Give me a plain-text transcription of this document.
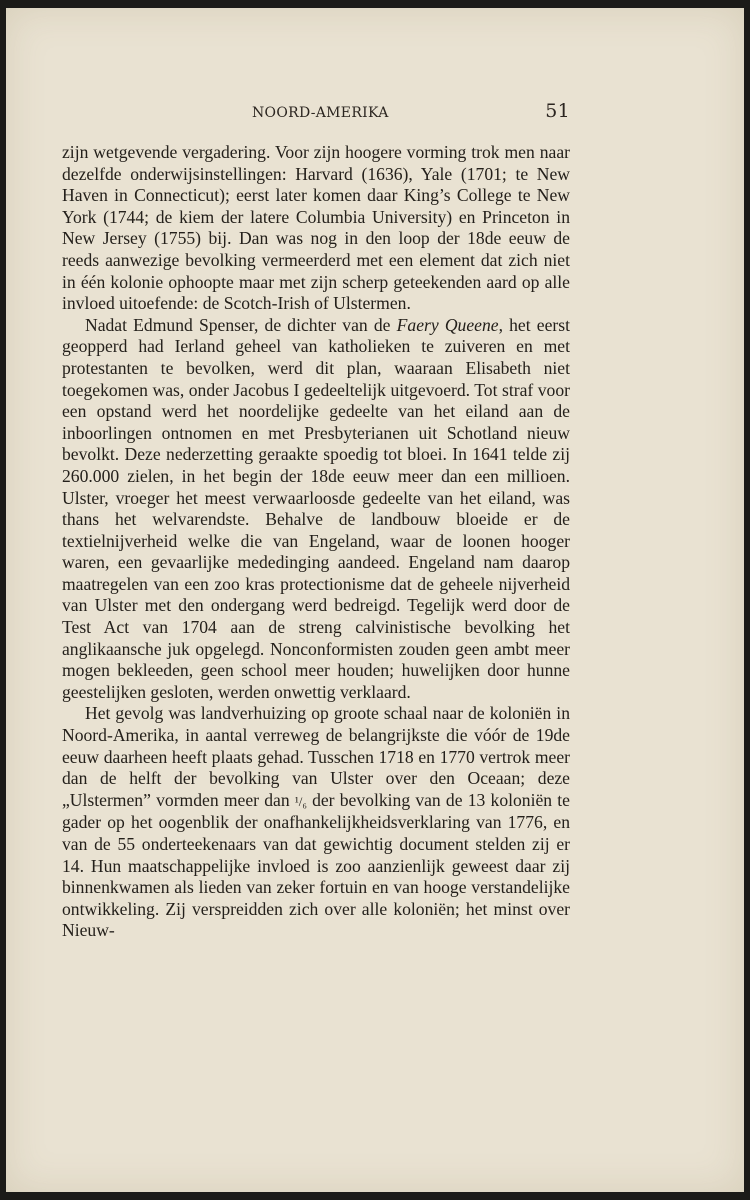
NOORD-AMERIKA	51

zijn wetgevende vergadering. Voor zijn hoogere vorming trok men naar dezelfde onderwijsinstellingen: Harvard (1636), Yale (1701; te New Haven in Connecticut); eerst later komen daar King’s College te New York (1744; de kiem der latere Columbia University) en Princeton in New Jersey (1755) bij. Dan was nog in den loop der 18de eeuw de reeds aanwezige bevolking vermeerderd met een element dat zich niet in één kolonie ophoopte maar met zijn scherp geteekenden aard op alle invloed uitoefende: de Scotch-Irish of Ulstermen.

Nadat Edmund Spenser, de dichter van de Faery Queene, het eerst geopperd had Ierland geheel van katholieken te zuiveren en met protestanten te bevolken, werd dit plan, waaraan Elisabeth niet toegekomen was, onder Jacobus I gedeeltelijk uitgevoerd. Tot straf voor een opstand werd het noordelijke gedeelte van het eiland aan de inboorlingen ontnomen en met Presbyterianen uit Schotland nieuw bevolkt. Deze nederzetting geraakte spoedig tot bloei. In 1641 telde zij 260.000 zielen, in het begin der 18de eeuw meer dan een millioen. Ulster, vroeger het meest verwaarloosde gedeelte van het eiland, was thans het welvarendste. Behalve de landbouw bloeide er de textielnijverheid welke die van Engeland, waar de loonen hooger waren, een gevaarlijke mededinging aandeed. Engeland nam daarop maatregelen van een zoo kras protectionisme dat de geheele nijverheid van Ulster met den ondergang werd bedreigd. Tegelijk werd door de Test Act van 1704 aan de streng calvinistische bevolking het anglikaansche juk opgelegd. Nonconformisten zouden geen ambt meer mogen bekleeden, geen school meer houden; huwelijken door hunne geestelijken gesloten, werden onwettig verklaard.

Het gevolg was landverhuizing op groote schaal naar de koloniën in Noord-Amerika, in aantal verreweg de belangrijkste die vóór de 19de eeuw daarheen heeft plaats gehad. Tusschen 1718 en 1770 vertrok meer dan de helft der bevolking van Ulster over den Oceaan; deze „Ulstermen” vormden meer dan ¹/₆ der bevolking van de 13 koloniën te gader op het oogenblik der onafhankelijkheidsverklaring van 1776, en van de 55 onderteekenaars van dat gewichtig document stelden zij er 14. Hun maatschappelijke invloed is zoo aanzienlijk geweest daar zij binnenkwamen als lieden van zeker fortuin en van hooge verstandelijke ontwikkeling. Zij verspreidden zich over alle koloniën; het minst over Nieuw-
